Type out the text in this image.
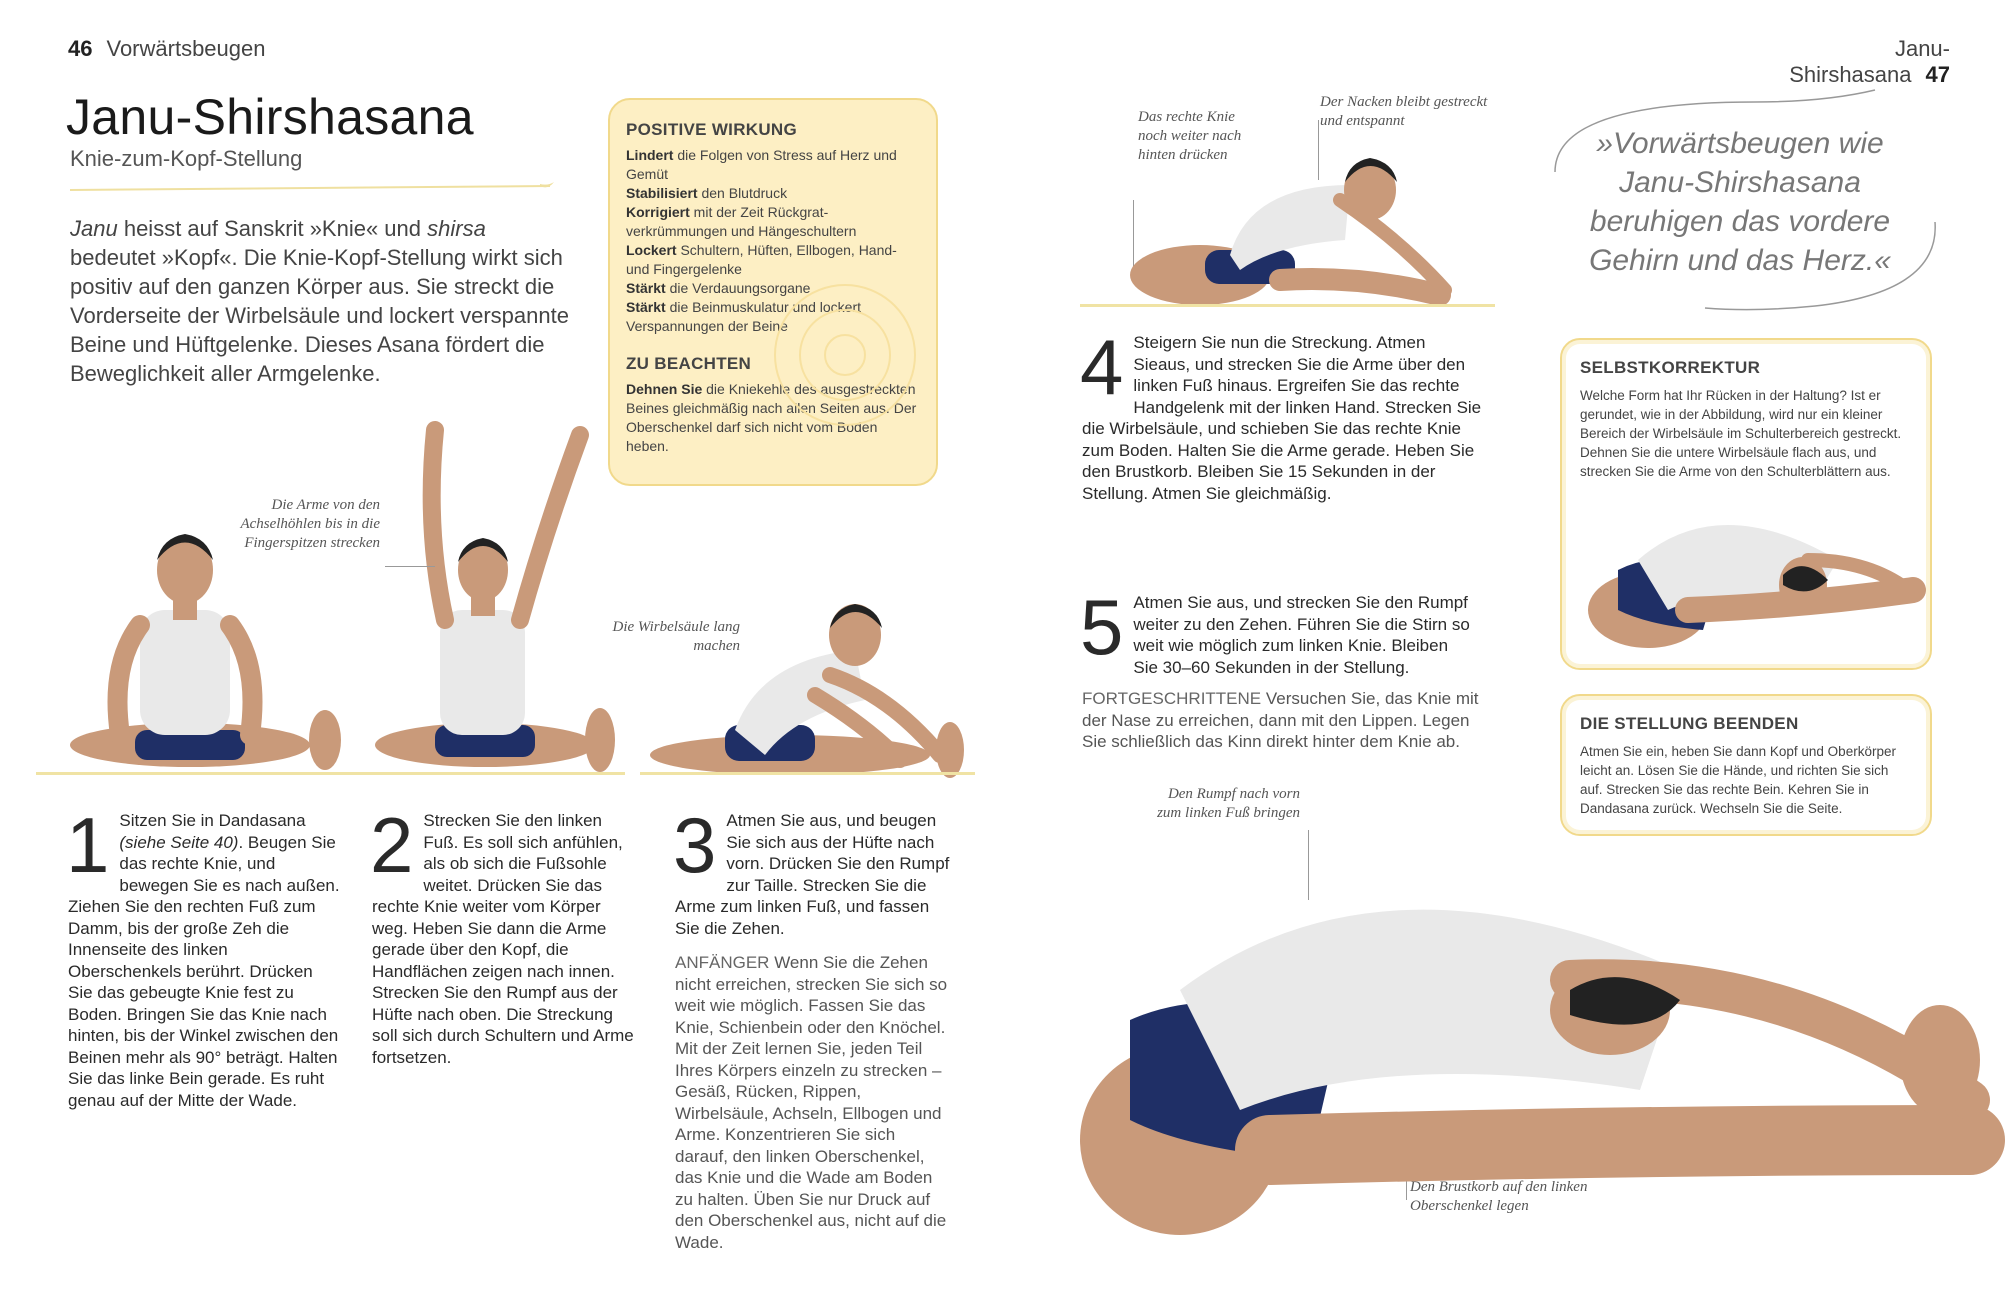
46 Vorwärtsbeugen
Janu-Shirshasana
Knie-zum-Kopf-Stellung
Janu heisst auf Sanskrit »Knie« und shirsa bedeutet »Kopf«. Die Knie-Kopf-Stellung wirkt sich positiv auf den ganzen Körper aus. Sie streckt die Vorderseite der Wirbelsäule und lockert verspannte Beine und Hüftgelenke. Dieses Asana fördert die Beweglichkeit aller Armgelenke.
POSITIVE WIRKUNG
Lindert die Folgen von Stress auf Herz und Gemüt
Stabilisiert den Blutdruck
Korrigiert mit der Zeit Rückgrat-verkrümmungen und Hängeschultern
Lockert Schultern, Hüften, Ellbogen, Hand- und Fingergelenke
Stärkt die Verdauungsorgane
Stärkt die Beinmuskulatur und lockert Verspannungen der Beine
ZU BEACHTEN
Dehnen Sie die Kniekehle des ausgestreckten Beines gleichmäßig nach allen Seiten aus. Der Oberschenkel darf sich nicht vom Boden heben.
Die Arme von den Achselhöhlen bis in die Fingerspitzen strecken
Die Wirbelsäule lang machen
1 Sitzen Sie in Dandasana (siehe Seite 40). Beugen Sie das rechte Knie, und bewegen Sie es nach außen. Ziehen Sie den rechten Fuß zum Damm, bis der große Zeh die Innenseite des linken Oberschenkels berührt. Drücken Sie das gebeugte Knie fest zu Boden. Bringen Sie das Knie nach hinten, bis der Winkel zwischen den Beinen mehr als 90° beträgt. Halten Sie das linke Bein gerade. Es ruht genau auf der Mitte der Wade.
2 Strecken Sie den linken Fuß. Es soll sich anfühlen, als ob sich die Fußsohle weitet. Drücken Sie das rechte Knie weiter vom Körper weg. Heben Sie dann die Arme gerade über den Kopf, die Handflächen zeigen nach innen. Strecken Sie den Rumpf aus der Hüfte nach oben. Die Streckung soll sich durch Schultern und Arme fortsetzen.
3 Atmen Sie aus, und beugen Sie sich aus der Hüfte nach vorn. Drücken Sie den Rumpf zur Taille. Strecken Sie die Arme zum linken Fuß, und fassen Sie die Zehen.
ANFÄNGER Wenn Sie die Zehen nicht erreichen, strecken Sie sich so weit wie möglich. Fassen Sie das Knie, Schienbein oder den Knöchel. Mit der Zeit lernen Sie, jeden Teil Ihres Körpers einzeln zu strecken – Gesäß, Rücken, Rippen, Wirbelsäule, Achseln, Ellbogen und Arme. Konzentrieren Sie sich darauf, den linken Oberschenkel, das Knie und die Wade am Boden zu halten. Üben Sie nur Druck auf den Oberschenkel aus, nicht auf die Wade.
Janu-Shirshasana 47
Das rechte Knie noch weiter nach hinten drücken
Der Nacken bleibt gestreckt und entspannt
4 Steigern Sie nun die Streckung. Atmen Sieaus, und strecken Sie die Arme über den linken Fuß hinaus. Ergreifen Sie das rechte Handgelenk mit der linken Hand. Strecken Sie die Wirbelsäule, und schieben Sie das rechte Knie zum Boden. Halten Sie die Arme gerade. Heben Sie den Brustkorb. Bleiben Sie 15 Sekunden in der Stellung. Atmen Sie gleichmäßig.
5 Atmen Sie aus, und strecken Sie den Rumpf weiter zu den Zehen. Führen Sie die Stirn so weit wie möglich zum linken Knie. Bleiben Sie 30–60 Sekunden in der Stellung.
FORTGESCHRITTENE Versuchen Sie, das Knie mit der Nase zu erreichen, dann mit den Lippen. Legen Sie schließlich das Kinn direkt hinter dem Knie ab.
Den Rumpf nach vorn zum linken Fuß bringen
Den Brustkorb auf den linken Oberschenkel legen
»Vorwärtsbeugen wie Janu-Shirshasana beruhigen das vordere Gehirn und das Herz.«
SELBSTKORREKTUR
Welche Form hat Ihr Rücken in der Haltung? Ist er gerundet, wie in der Abbildung, wird nur ein kleiner Bereich der Wirbelsäule im Schulterbereich gestreckt. Dehnen Sie die untere Wirbelsäule flach aus, und strecken Sie die Arme von den Schulterblättern aus.
DIE STELLUNG BEENDEN
Atmen Sie ein, heben Sie dann Kopf und Oberkörper leicht an. Lösen Sie die Hände, und richten Sie sich auf. Strecken Sie das rechte Bein. Kehren Sie in Dandasana zurück. Wechseln Sie die Seite.
